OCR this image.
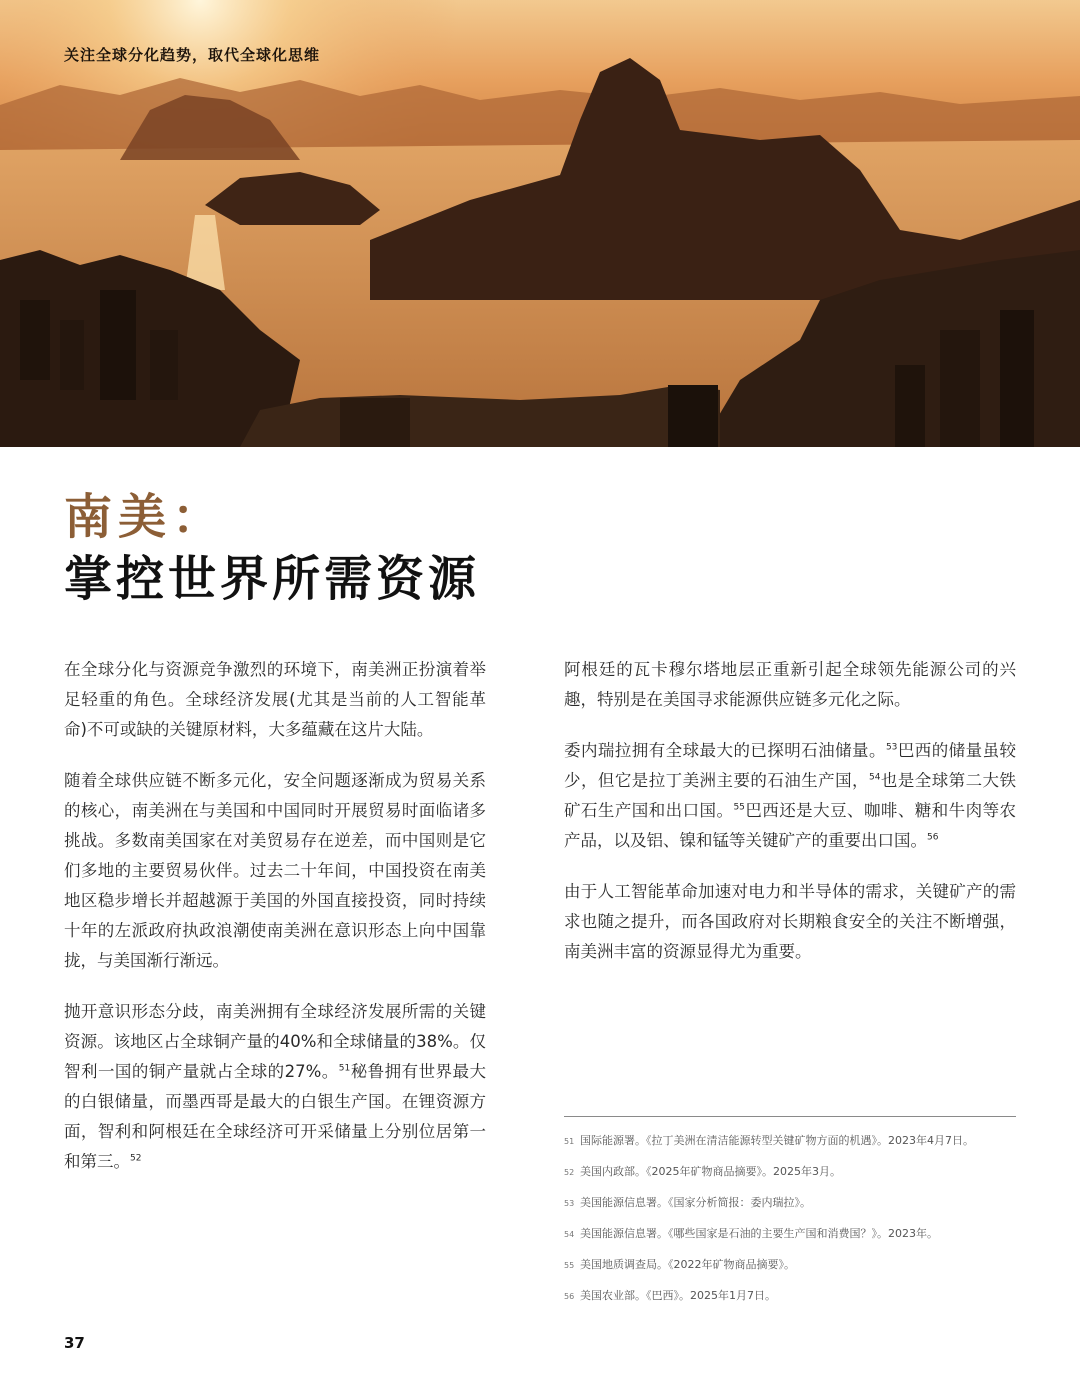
关注全球分化趋势，取代全球化思维
南美：
掌控世界所需资源

在全球分化与资源竞争激烈的环境下，南美洲正扮演着举足轻重的角色。全球经济发展(尤其是当前的人工智能革命)不可或缺的关键原材料，大多蕴藏在这片大陆。

随着全球供应链不断多元化，安全问题逐渐成为贸易关系的核心，南美洲在与美国和中国同时开展贸易时面临诸多挑战。多数南美国家在对美贸易存在逆差，而中国则是它们多地的主要贸易伙伴。过去二十年间，中国投资在南美地区稳步增长并超越源于美国的外国直接投资，同时持续十年的左派政府执政浪潮使南美洲在意识形态上向中国靠拢，与美国渐行渐远。

抛开意识形态分歧，南美洲拥有全球经济发展所需的关键资源。该地区占全球铜产量的40%和全球储量的38%。仅智利一国的铜产量就占全球的27%。$^{51}$秘鲁拥有世界最大的白银储量，而墨西哥是最大的白银生产国。在锂资源方面，智利和阿根廷在全球经济可开采储量上分别位居第一和第三。$^{52}$

阿根廷的瓦卡穆尔塔地层正重新引起全球领先能源公司的兴趣，特别是在美国寻求能源供应链多元化之际。

委内瑞拉拥有全球最大的已探明石油储量。$^{53}$巴西的储量虽较少，但它是拉丁美洲主要的石油生产国，$^{54}$也是全球第二大铁矿石生产国和出口国。$^{55}$巴西还是大豆、咖啡、糖和牛肉等农产品，以及铝、镍和锰等关键矿产的重要出口国。$^{56}$

由于人工智能革命加速对电力和半导体的需求，关键矿产的需求也随之提升，而各国政府对长期粮食安全的关注不断增强，南美洲丰富的资源显得尤为重要。

51 国际能源署。《拉丁美洲在清洁能源转型关键矿物方面的机遇》。2023年4月7日。
52 美国内政部。《2025年矿物商品摘要》。2025年3月。
53 美国能源信息署。《国家分析简报：委内瑞拉》。
54 美国能源信息署。《哪些国家是石油的主要生产国和消费国？》。2023年。
55 美国地质调查局。《2022年矿物商品摘要》。
56 美国农业部。《巴西》。2025年1月7日。
37
